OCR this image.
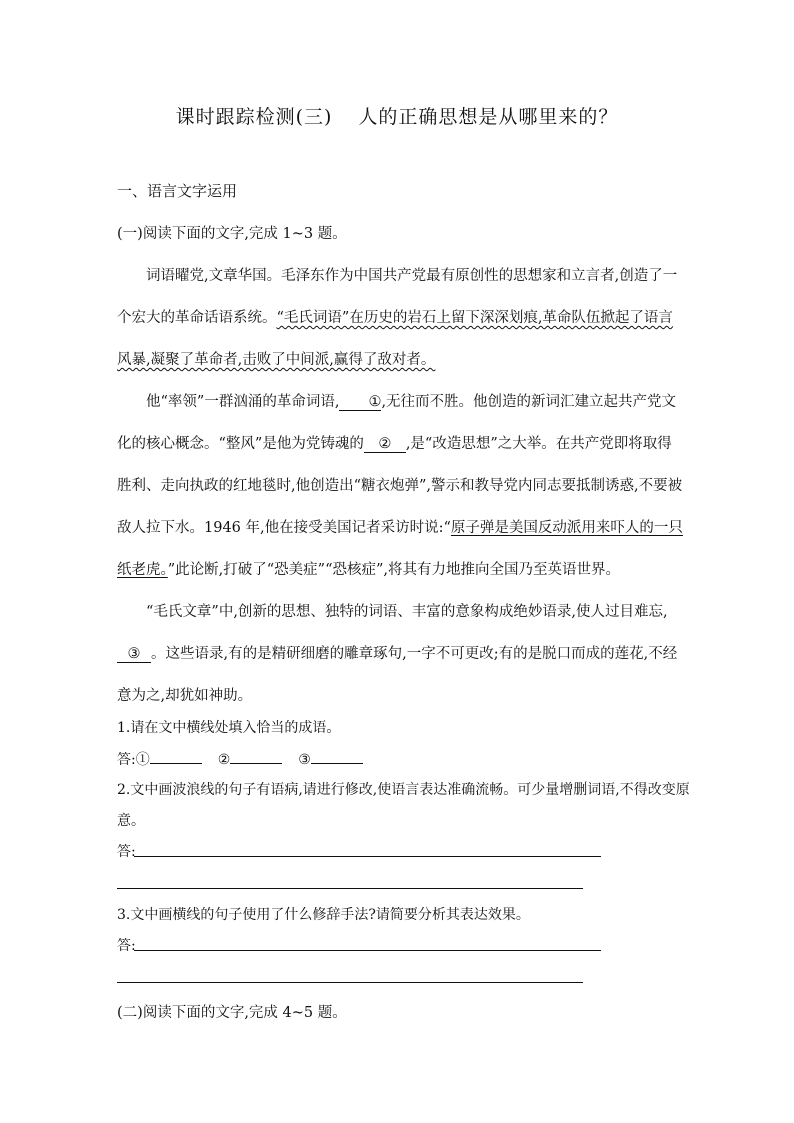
课时跟踪检测(三) 人的正确思想是从哪里来的？
一、语言文字运用
(一)阅读下面的文字,完成 1~3 题。
词语曜党,文章华国。毛泽东作为中国共产党最有原创性的思想家和立言者,创造了一
个宏大的革命话语系统。“毛氏词语”在历史的岩石上留下深深划痕,革命队伍掀起了语言
风暴,凝聚了革命者,击败了中间派,赢得了敌对者。
他“率领”一群汹涌的革命词语, ①,无往而不胜。他创造的新词汇建立起共产党文
化的核心概念。“整风”是他为党铸魂的 ② ,是“改造思想”之大举。在共产党即将取得
胜利、走向执政的红地毯时,他创造出“糖衣炮弹”,警示和教导党内同志要抵制诱惑,不要被
敌人拉下水。1946 年,他在接受美国记者采访时说:“原子弹是美国反动派用来吓人的一只
纸老虎。”此论断,打破了“恐美症”“恐核症”,将其有力地推向全国乃至英语世界。
“毛氏文章”中,创新的思想、独特的词语、丰富的意象构成绝妙语录,使人过目难忘,
③ 。这些语录,有的是精研细磨的雕章琢句,一字不可更改;有的是脱口而成的莲花,不经
意为之,却犹如神助。
1.请在文中横线处填入恰当的成语。
答:①	②	③
2.文中画波浪线的句子有语病,请进行修改,使语言表达准确流畅。可少量增删词语,不得改变原
意。
答:
3.文中画横线的句子使用了什么修辞手法?请简要分析其表达效果。
答:
(二)阅读下面的文字,完成 4~5 题。
